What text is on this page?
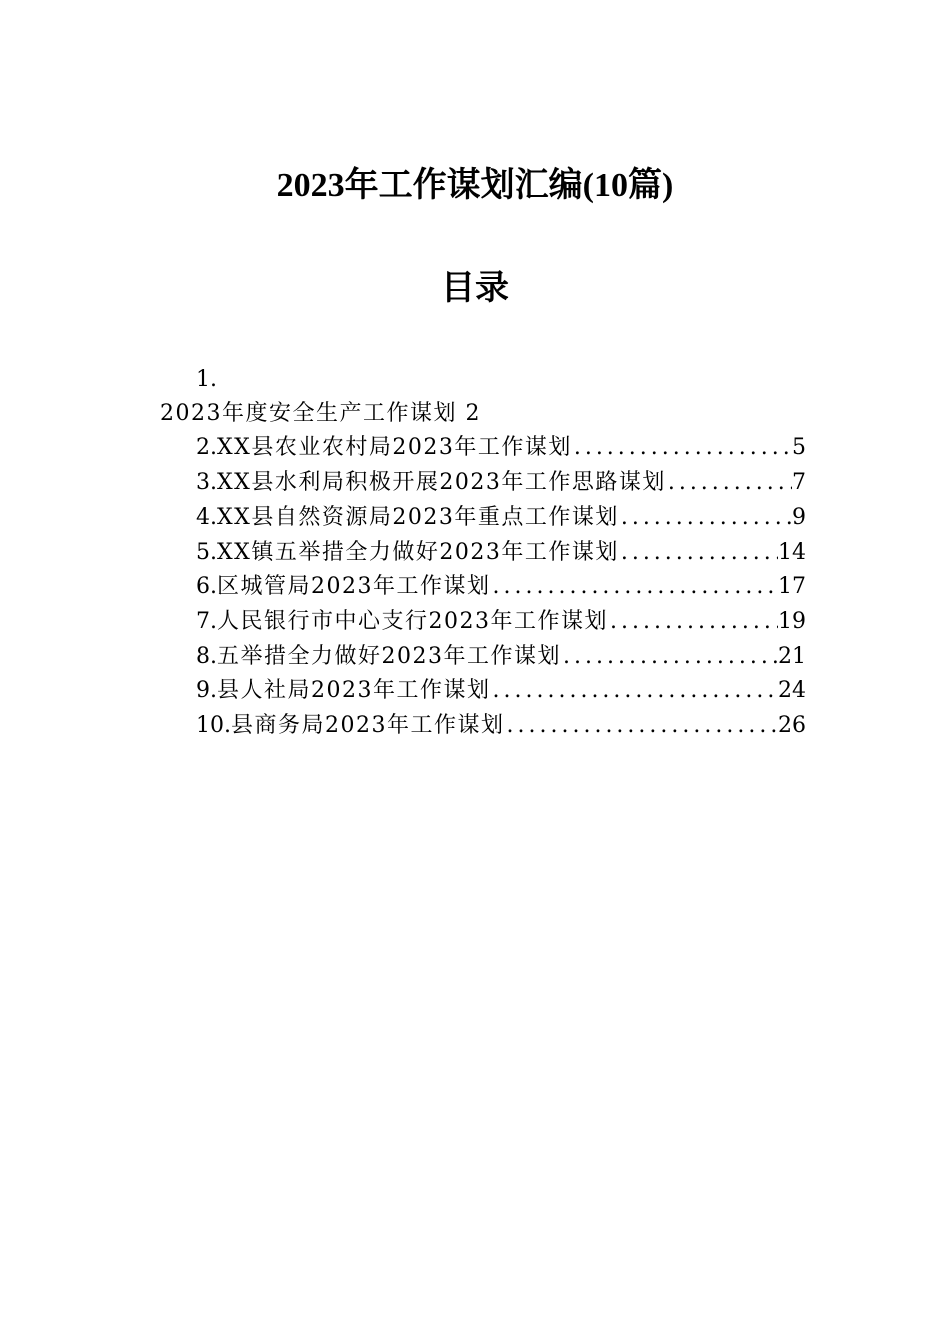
2023年工作谋划汇编(10篇)
目录
1.
2023年度安全生产工作谋划 2
2. XX县农业农村局2023年工作谋划 .....	5
3. XX县水利局积极开展2023年工作思路谋划 .....	7
4. XX县自然资源局2023年重点工作谋划 .....	9
5. XX镇五举措全力做好2023年工作谋划 .....	14
6. 区城管局2023年工作谋划 .....	17
7. 人民银行市中心支行2023年工作谋划 .....	19
8. 五举措全力做好2023年工作谋划 .....	21
9. 县人社局2023年工作谋划 .....	24
10. 县商务局2023年工作谋划 .....	26
